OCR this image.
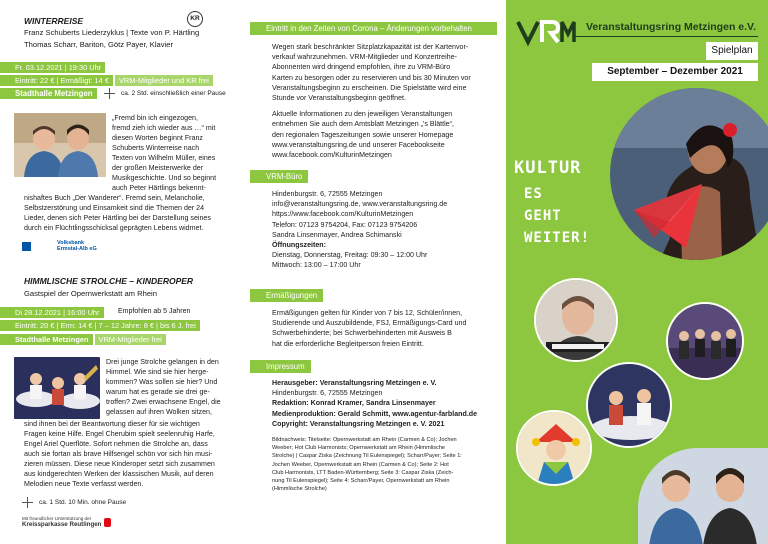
WINTERREISE	KR
Franz Schuberts Liederzyklus | Texte von P. Härtling
Thomas Scharr, Bariton, Götz Payer, Klavier
Fr. 03.12.2021 | 19:30 Uhr
Eintritt: 22 € | Ermäßigt: 14 € VRM-Mitglieder und KR frei
Stadthalle Metzingen	ca. 2 Std. einschließlich einer Pause
„Fremd bin ich eingezogen,
fremd zieh ich wieder aus …“ mit
diesen Worten beginnt Franz
Schuberts Winterreise nach
Texten von Wilhelm Müller, eines
der großen Meisterwerke der
Musikgeschichte. Und so beginnt
auch Peter Härtlings bekennt-
nishaftes Buch „Der Wanderer“. Fremd sein, Melancholie,
Selbstzerstörung und Einsamkeit sind die Themen der 24
Lieder, denen sich Peter Härtling bei der Darstellung seines
durch ein Flüchtlingsschicksal geprägten Lebens widmet.

Volksbank
Ermstal-Alb eG
HIMMLISCHE STROLCHE – KINDEROPER
Gastspiel der Opernwerkstatt am Rhein
Di 28.12.2021 | 16:00 Uhr	Empfohlen ab 5 Jahren
Eintritt: 20 € | Erm: 14 € | 7 – 12 Jahre: 8 € | bis 6 J. frei
Stadthalle Metzingen VRM-Mitglieder frei
Drei junge Strolche gelangen in den
Himmel. Wie sind sie hier herge-
kommen? Was sollen sie hier? Und
warum hat es gerade sie drei ge-
troffen? Zwei erwachsene Engel, die
gelassen auf ihren Wolken sitzen,
sind ihnen bei der Beantwortung dieser für sie wichtigen
Fragen keine Hilfe. Engel Cherubim spielt seelenruhig Harfe,
Engel Ariel Querflöte. Sofort nehmen die Strolche an, dass
auch sie fortan als brave Hilfsengel schön vor sich hin musi-
zieren müssen. Diese neue Kinderoper setzt sich zusammen
aus kindgerechten Werken der klassischen Musik, auf deren
Melodien neue Texte verfasst werden.
ca. 1 Std. 10 Min. ohne Pause
Mit freundlicher Unterstützung der
Kreissparkasse Reutlingen
Eintritt in den Zeiten von Corona – Änderungen vorbehalten
Wegen stark beschränkter Sitzplatzkapazität ist der Kartenvor-
verkauf wahrzunehmen. VRM-Mitglieder und Konzertreihe-
Abonnenten wird dringend empfohlen, ihre zu VRM-Büro
Karten zu besorgen oder zu reservieren und bis 30 Minuten vor
Veranstaltungsbeginn zu erscheinen. Die Spielstätte wird eine
Stunde vor Veranstaltungsbeginn geöffnet.
Aktuelle Informationen zu den jeweiligen Veranstaltungen
entnehmen Sie auch dem Amtsblatt Metzingen „'s Blättle“,
den regionalen Tageszeitungen sowie unserer Homepage
www.veranstaltungsring.de und unserer Facebookseite
www.facebook.com/KulturinMetzingen
VRM-Büro
Hindenburgstr. 6, 72555 Metzingen
info@veranstaltungsring.de, www.veranstaltungsring.de
https://www.facebook.com/KulturinMetzingen
Telefon: 07123 9754204, Fax: 07123 9754206
Sandra Linsenmayer, Andrea Schimanski
Öffnungszeiten:
Dienstag, Donnerstag, Freitag: 09:30 – 12:00 Uhr
Mittwoch: 13:00 – 17:00 Uhr
Ermäßigungen
Ermäßigungen gelten für Kinder von 7 bis 12, Schüler/innen,
Studierende und Auszubildende, FSJ, Ermäßigungs-Card und
Schwerbehinderte; bei Schwerbehinderten mit Ausweis B
hat die erforderliche Begleitperson freien Eintritt.
Impressum
Herausgeber: Veranstaltungsring Metzingen e. V.
Hindenburgstr. 6, 72555 Metzingen
Redaktion: Konrad Kramer, Sandra Linsenmayer
Medienproduktion: Gerald Schmitt, www.agentur-farbland.de
Copyright: Veranstaltungsring Metzingen e. V. 2021
Bildnachweis: Titelseite: Opernwerkstatt am Rhein (Carmen & Co); Jochen
Weeber; Hot Club Harmonists; Opernwerkstatt am Rhein (Himmlische
Strolche) | Caspar Ziska (Zeichnung Til Eulenspiegel); Scharr/Payer; Seite 1:
Jochen Weeber, Opernwerkstatt am Rhein (Carmen & Co); Seite 2: Hot
Club Harmonists, LTT Baden-Württemberg; Seite 3: Caspar Ziska (Zeich-
nung Til Eulenspiegel); Seite 4: Scharr/Payer, Opernwerkstatt am Rhein
(Himmlische Strolche)
Veranstaltungsring Metzingen e.V.
Spielplan
September – Dezember 2021
KULTUR
ES
GEHT
WEITER!
